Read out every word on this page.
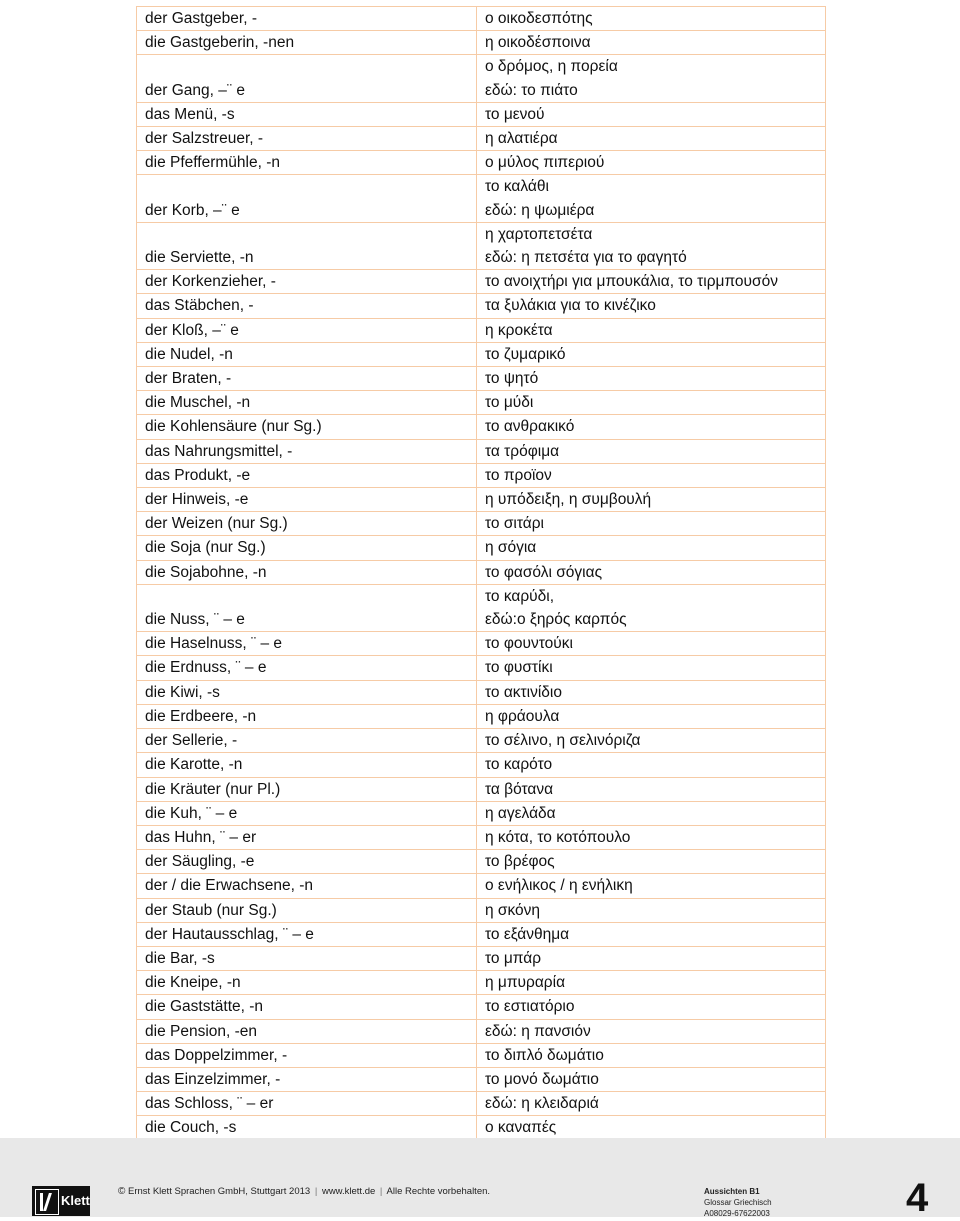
der Gastgeber, -	ο οικοδεσπότης

die Gastgeberin, -nen	η οικοδέσποινα

der Gang, –¨ e	ο δρόμος, η πορεία
εδώ: το πιάτο

das Menü, -s	το μενού

der Salzstreuer, -	η αλατιέρα

die Pfeffermühle, -n	ο μύλος πιπεριού

der Korb, –¨ e	το καλάθι
εδώ: η ψωμιέρα

die Serviette, -n	η χαρτοπετσέτα
εδώ: η πετσέτα για το φαγητό

der Korkenzieher, -	το ανοιχτήρι για μπουκάλια, το τιρμπουσόν

das Stäbchen, -	τα ξυλάκια για το κινέζικο

der Kloß, –¨ e	η κροκέτα

die Nudel, -n	το ζυμαρικό

der Braten, -	το ψητό

die Muschel, -n	το μύδι

die Kohlensäure (nur Sg.)	το ανθρακικό

das Nahrungsmittel, -	τα τρόφιμα

das Produkt, -e	το προϊον

der Hinweis, -e	η υπόδειξη, η συμβουλή

der Weizen (nur Sg.)	το σιτάρι

die Soja (nur Sg.)	η σόγια

die Sojabohne, -n	το φασόλι σόγιας

die Nuss, ¨ – e	το καρύδι,
εδώ:ο ξηρός καρπός

die Haselnuss, ¨ – e	το φουντούκι

die Erdnuss, ¨ – e	το φυστίκι

die Kiwi, -s	το ακτινίδιο

die Erdbeere, -n	η φράουλα

der Sellerie, -	το σέλινο, η σελινόριζα

die Karotte, -n	το καρότο

die Kräuter (nur Pl.)	τα βότανα

die Kuh, ¨ – e	η αγελάδα

das Huhn, ¨ – er	η κότα, το κοτόπουλο

der Säugling, -e	το βρέφος

der / die Erwachsene, -n	ο ενήλικος / η ενήλικη

der Staub (nur Sg.)	η σκόνη

der Hautausschlag, ¨ – e	το εξάνθημα

die Bar, -s	το μπάρ

die Kneipe, -n	η μπυραρία

die Gaststätte, -n	το εστιατόριο

die Pension, -en	εδώ: η πανσιόν

das Doppelzimmer, -	το διπλό δωμάτιο

das Einzelzimmer, -	το μονό δωμάτιο

das Schloss, ¨ – er	εδώ: η κλειδαριά

die Couch, -s	ο καναπές

Klett
© Ernst Klett Sprachen GmbH, Stuttgart 2013 | www.klett.de | Alle Rechte vorbehalten.	Aussichten B1
Glossar Griechisch
A08029-67622003	4
